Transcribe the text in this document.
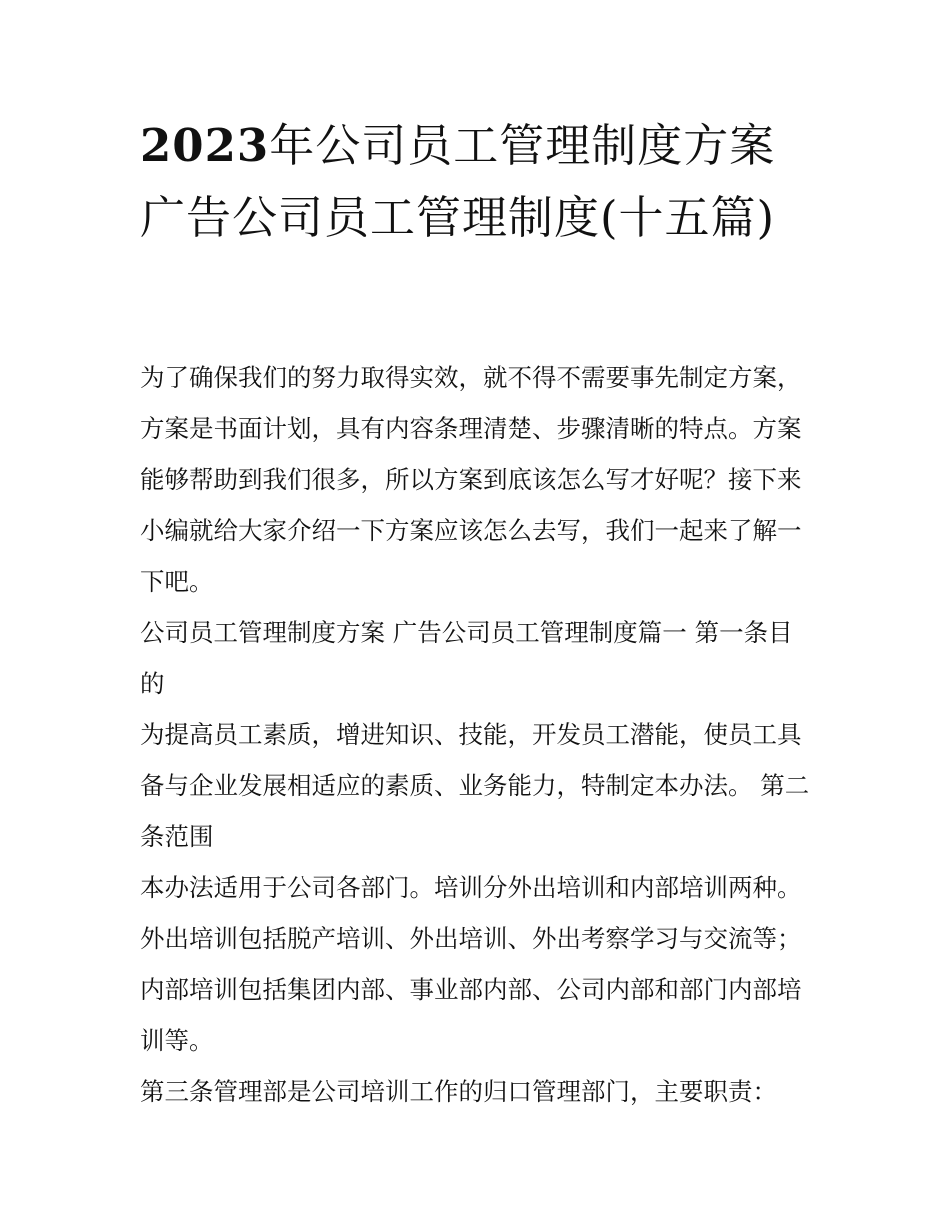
2023年公司员工管理制度方案广告公司员工管理制度(十五篇)

为了确保我们的努力取得实效，就不得不需要事先制定方案，方案是书面计划，具有内容条理清楚、步骤清晰的特点。方案能够帮助到我们很多，所以方案到底该怎么写才好呢？接下来小编就给大家介绍一下方案应该怎么去写，我们一起来了解一下吧。

公司员工管理制度方案 广告公司员工管理制度篇一 第一条目的

为提高员工素质，增进知识、技能，开发员工潜能，使员工具备与企业发展相适应的素质、业务能力，特制定本办法。 第二条范围

本办法适用于公司各部门。培训分外出培训和内部培训两种。外出培训包括脱产培训、外出培训、外出考察学习与交流等；内部培训包括集团内部、事业部内部、公司内部和部门内部培训等。

第三条管理部是公司培训工作的归口管理部门，主要职责：
